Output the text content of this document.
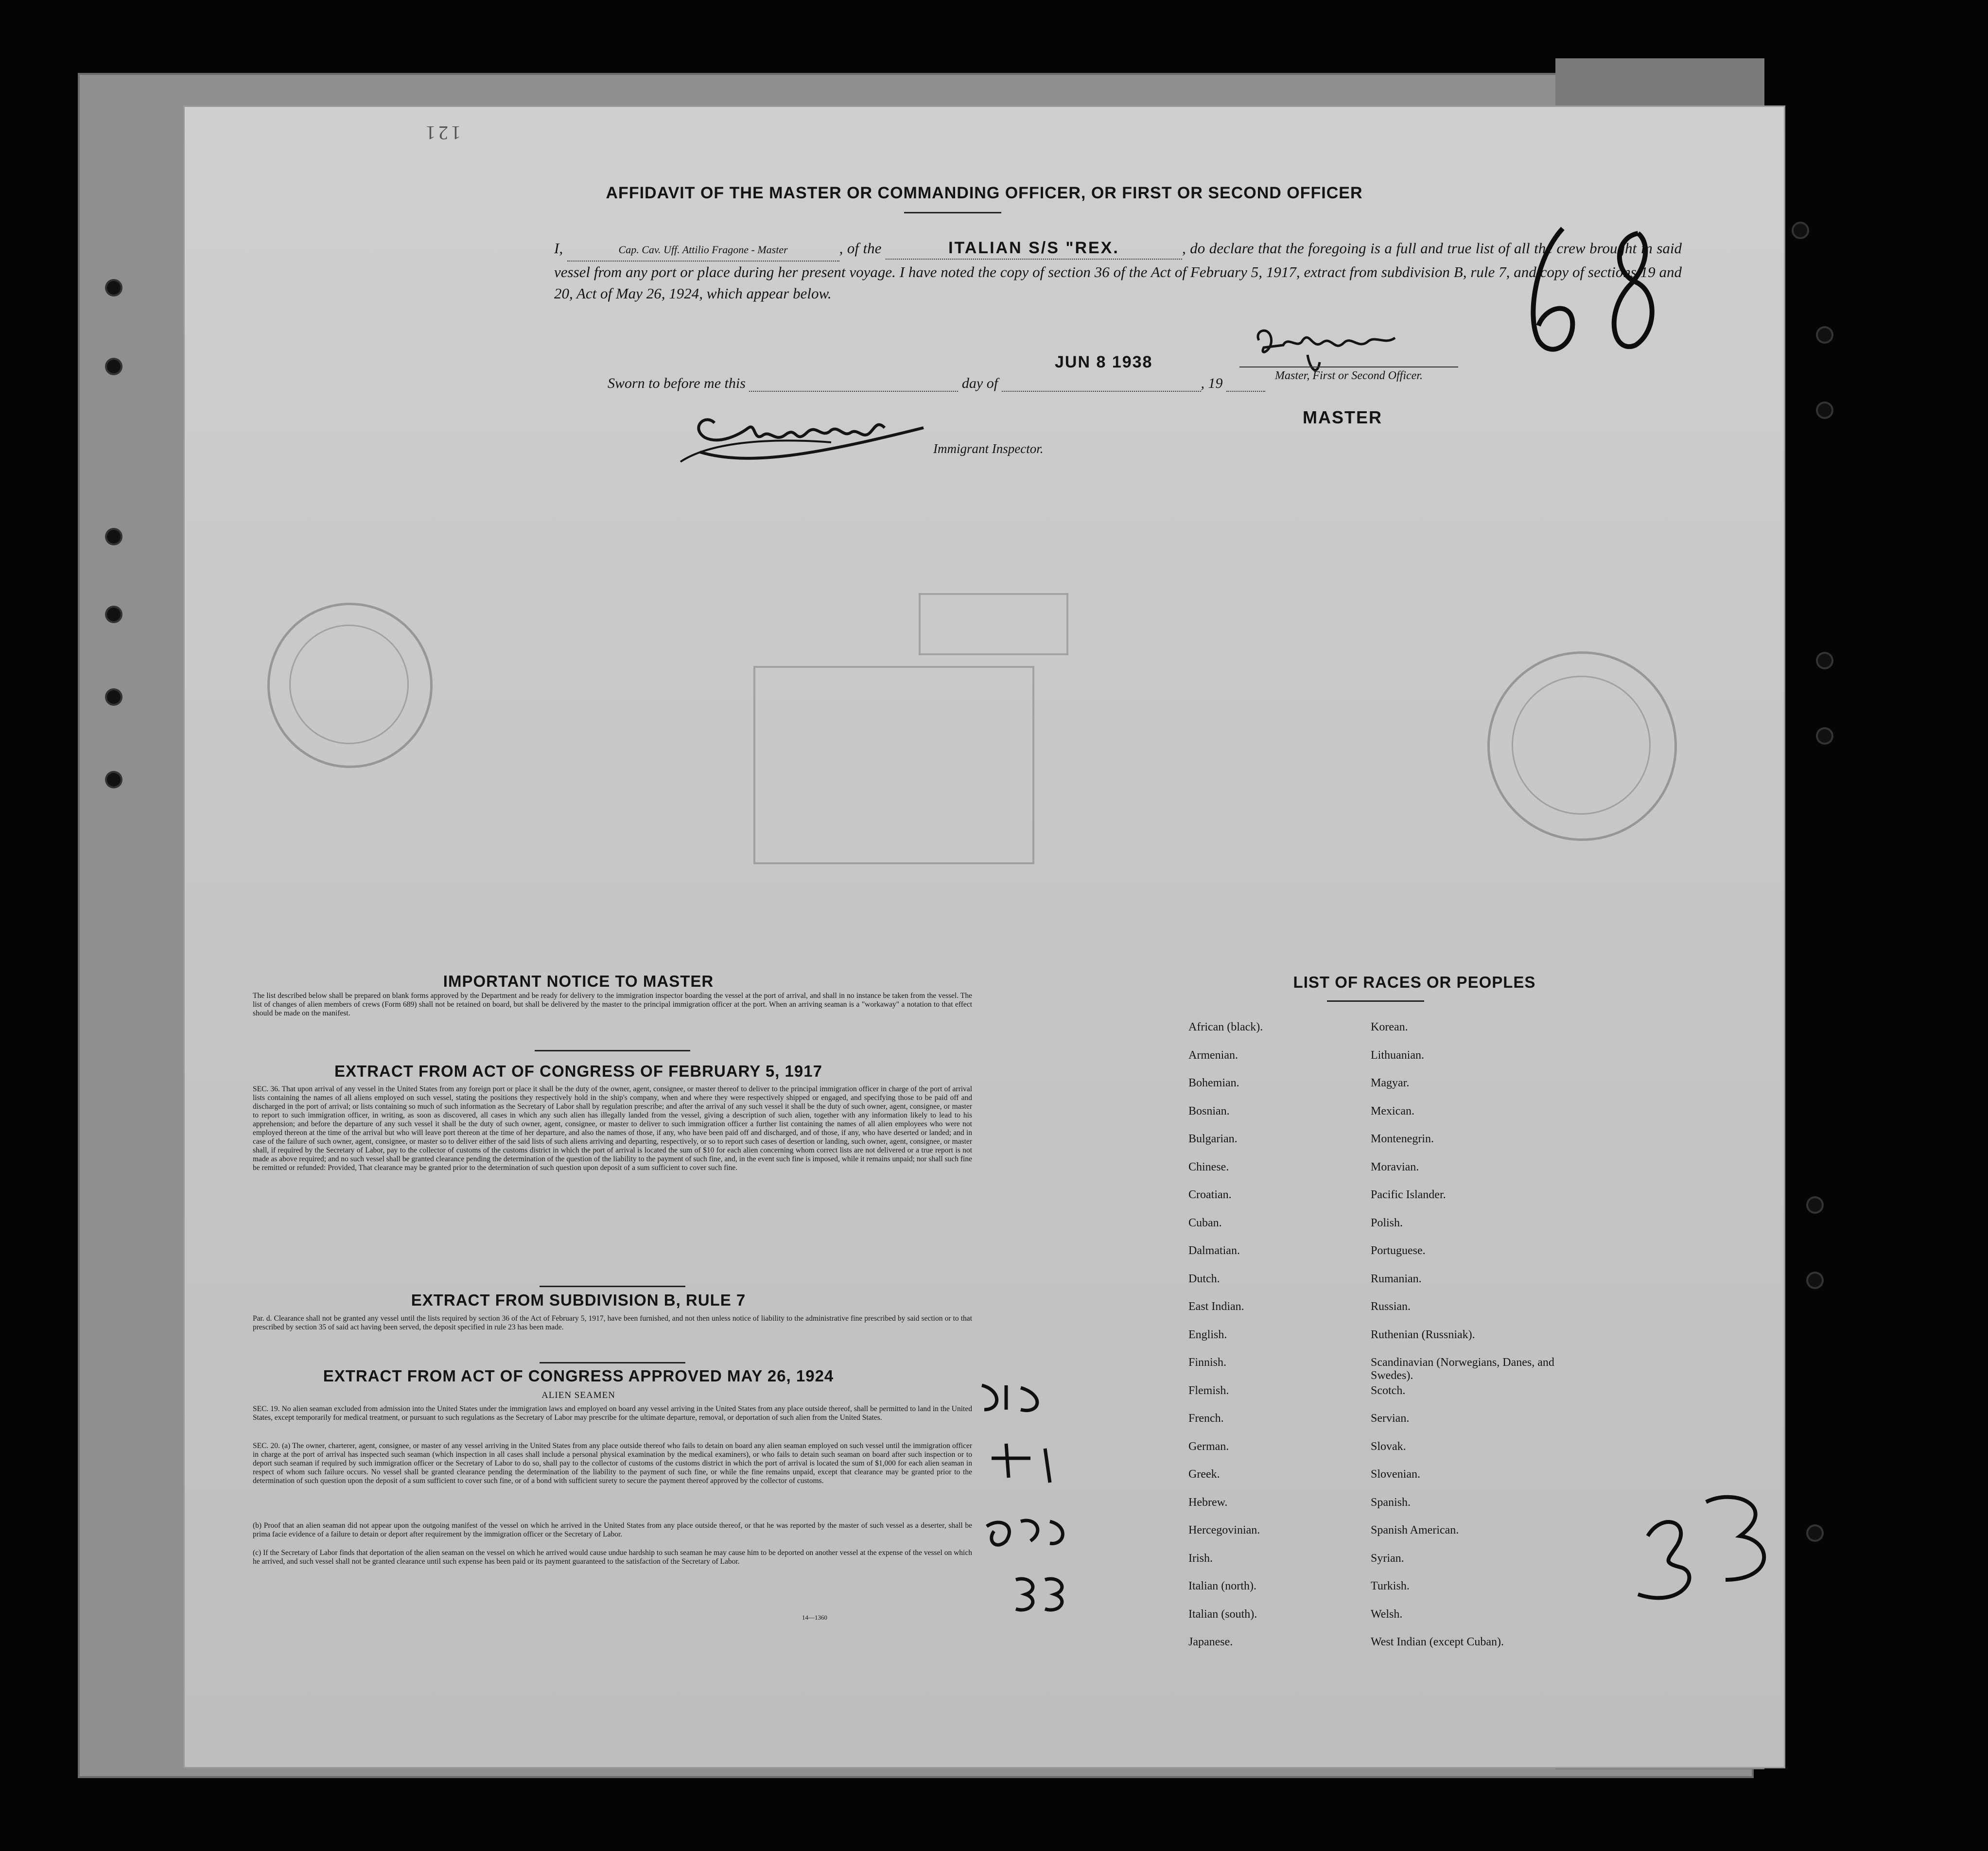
121
AFFIDAVIT OF THE MASTER OR COMMANDING OFFICER, OR FIRST OR SECOND OFFICER
I,	Cap. Cav. Uff. Attilio Fragone - Master	, of the	ITALIAN S/S "REX.	, do declare that the foregoing is a full and true list of all the crew brought in said vessel from any port or place during her present voyage. I have noted the copy of section 36 of the Act of February 5, 1917, extract from subdivision B, rule 7, and copy of sections 19 and 20, Act of May 26, 1924, which appear below.
JUN 8 1938
Sworn to before me this	day of	, 19	Master, First or Second Officer.
MASTER
Immigrant Inspector.
IMPORTANT NOTICE TO MASTER
The list described below shall be prepared on blank forms approved by the Department and be ready for delivery to the immigration inspector boarding the vessel at the port of arrival, and shall in no instance be taken from the vessel. The list of changes of alien members of crews (Form 689) shall not be retained on board, but shall be delivered by the master to the principal immigration officer at the port. When an arriving seaman is a "workaway" a notation to that effect should be made on the manifest.
EXTRACT FROM ACT OF CONGRESS OF FEBRUARY 5, 1917
SEC. 36. That upon arrival of any vessel in the United States from any foreign port or place it shall be the duty of the owner, agent, consignee, or master thereof to deliver to the principal immigration officer in charge of the port of arrival lists containing the names of all aliens employed on such vessel, stating the positions they respectively hold in the ship's company, when and where they were respectively shipped or engaged, and specifying those to be paid off and discharged in the port of arrival; or lists containing so much of such information as the Secretary of Labor shall by regulation prescribe; and after the arrival of any such vessel it shall be the duty of such owner, agent, consignee, or master to report to such immigration officer, in writing, as soon as discovered, all cases in which any such alien has illegally landed from the vessel, giving a description of such alien, together with any information likely to lead to his apprehension; and before the departure of any such vessel it shall be the duty of such owner, agent, consignee, or master to deliver to such immigration officer a further list containing the names of all alien employees who were not employed thereon at the time of the arrival but who will leave port thereon at the time of her departure, and also the names of those, if any, who have been paid off and discharged, and of those, if any, who have deserted or landed; and in case of the failure of such owner, agent, consignee, or master so to deliver either of the said lists of such aliens arriving and departing, respectively, or so to report such cases of desertion or landing, such owner, agent, consignee, or master shall, if required by the Secretary of Labor, pay to the collector of customs of the customs district in which the port of arrival is located the sum of $10 for each alien concerning whom correct lists are not delivered or a true report is not made as above required; and no such vessel shall be granted clearance pending the determination of the question of the liability to the payment of such fine, and, in the event such fine is imposed, while it remains unpaid; nor shall such fine be remitted or refunded: Provided, That clearance may be granted prior to the determination of such question upon deposit of a sum sufficient to cover such fine.
EXTRACT FROM SUBDIVISION B, RULE 7
Par. d. Clearance shall not be granted any vessel until the lists required by section 36 of the Act of February 5, 1917, have been furnished, and not then unless notice of liability to the administrative fine prescribed by said section or to that prescribed by section 35 of said act having been served, the deposit specified in rule 23 has been made.
EXTRACT FROM ACT OF CONGRESS APPROVED MAY 26, 1924
ALIEN SEAMEN
SEC. 19. No alien seaman excluded from admission into the United States under the immigration laws and employed on board any vessel arriving in the United States from any place outside thereof, shall be permitted to land in the United States, except temporarily for medical treatment, or pursuant to such regulations as the Secretary of Labor may prescribe for the ultimate departure, removal, or deportation of such alien from the United States.
SEC. 20. (a) The owner, charterer, agent, consignee, or master of any vessel arriving in the United States from any place outside thereof who fails to detain on board any alien seaman employed on such vessel until the immigration officer in charge at the port of arrival has inspected such seaman (which inspection in all cases shall include a personal physical examination by the medical examiners), or who fails to detain such seaman on board after such inspection or to deport such seaman if required by such immigration officer or the Secretary of Labor to do so, shall pay to the collector of customs of the customs district in which the port of arrival is located the sum of $1,000 for each alien seaman in respect of whom such failure occurs. No vessel shall be granted clearance pending the determination of the liability to the payment of such fine, or while the fine remains unpaid, except that clearance may be granted prior to the determination of such question upon the deposit of a sum sufficient to cover such fine, or of a bond with sufficient surety to secure the payment thereof approved by the collector of customs.
(b) Proof that an alien seaman did not appear upon the outgoing manifest of the vessel on which he arrived in the United States from any place outside thereof, or that he was reported by the master of such vessel as a deserter, shall be prima facie evidence of a failure to detain or deport after requirement by the immigration officer or the Secretary of Labor.
(c) If the Secretary of Labor finds that deportation of the alien seaman on the vessel on which he arrived would cause undue hardship to such seaman he may cause him to be deported on another vessel at the expense of the vessel on which he arrived, and such vessel shall not be granted clearance until such expense has been paid or its payment guaranteed to the satisfaction of the Secretary of Labor.
14—1360
LIST OF RACES OR PEOPLES
African (black).
Armenian.
Bohemian.
Bosnian.
Bulgarian.
Chinese.
Croatian.
Cuban.
Dalmatian.
Dutch.
East Indian.
English.
Finnish.
Flemish.
French.
German.
Greek.
Hebrew.
Hercegovinian.
Irish.
Italian (north).
Italian (south).
Japanese.
Korean.
Lithuanian.
Magyar.
Mexican.
Montenegrin.
Moravian.
Pacific Islander.
Polish.
Portuguese.
Rumanian.
Russian.
Ruthenian (Russniak).
Scandinavian (Norwegians, Danes, and Swedes).
Scotch.
Servian.
Slovak.
Slovenian.
Spanish.
Spanish American.
Syrian.
Turkish.
Welsh.
West Indian (except Cuban).
